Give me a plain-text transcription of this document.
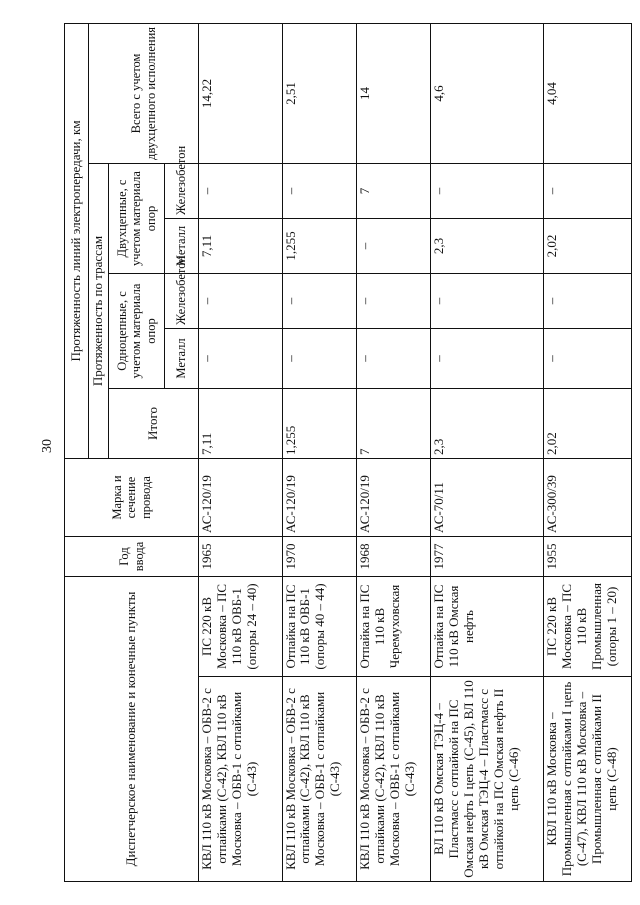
30
Диспетчерское наименование и конечные пункты		Год ввода	Марка и сечение провода	Протяженность линий электропередачи, км					
				Протяженность по трассам					Всего с учетом двухцепного исполнения
				Итого	Одноцепные, с учетом материала опор		Двухцепные, с учетом материала опор		
					Металл	Железобетон	Металл	Железобетон	
КВЛ 110 кВ Московка – ОБВ-2 с отпайками (С-42), КВЛ 110 кВ Московка – ОБВ-1 с отпайками (С-43)	ПС 220 кВ Московка – ПС 110 кВ ОВБ-1 (опоры 24 – 40)	1965	АС-120/19	7,11	–	–	7,11	–	14,22
КВЛ 110 кВ Московка – ОБВ-2 с отпайками (С-42), КВЛ 110 кВ Московка – ОБВ-1 с отпайками (С-43)	Отпайка на ПС 110 кВ ОВБ-1 (опоры 40 – 44)	1970	АС-120/19	1,255	–	–	1,255	–	2,51
КВЛ 110 кВ Московка – ОБВ-2 с отпайками (С-42), КВЛ 110 кВ Московка – ОВБ-1 с отпайками (С-43)	Отпайка на ПС 110 кВ Черемуховская	1968	АС-120/19	7	–	–	–	7	14
ВЛ 110 кВ Омская ТЭЦ-4 – Пластмасс с отпайкой на ПС Омская нефть I цепь (С-45), ВЛ 110 кВ Омская ТЭЦ-4 – Пластмасс с отпайкой на ПС Омская нефть II цепь (С-46)	Отпайка на ПС 110 кВ Омская нефть	1977	АС-70/11	2,3	–	–	2,3	–	4,6
КВЛ 110 кВ Московка – Промышленная с отпайками I цепь (С-47), КВЛ 110 кВ Московка – Промышленная с отпайками II цепь (С-48)	ПС 220 кВ Московка – ПС 110 кВ Промышленная (опоры 1 – 20)	1955	АС-300/39	2,02	–	–	2,02	–	4,04
